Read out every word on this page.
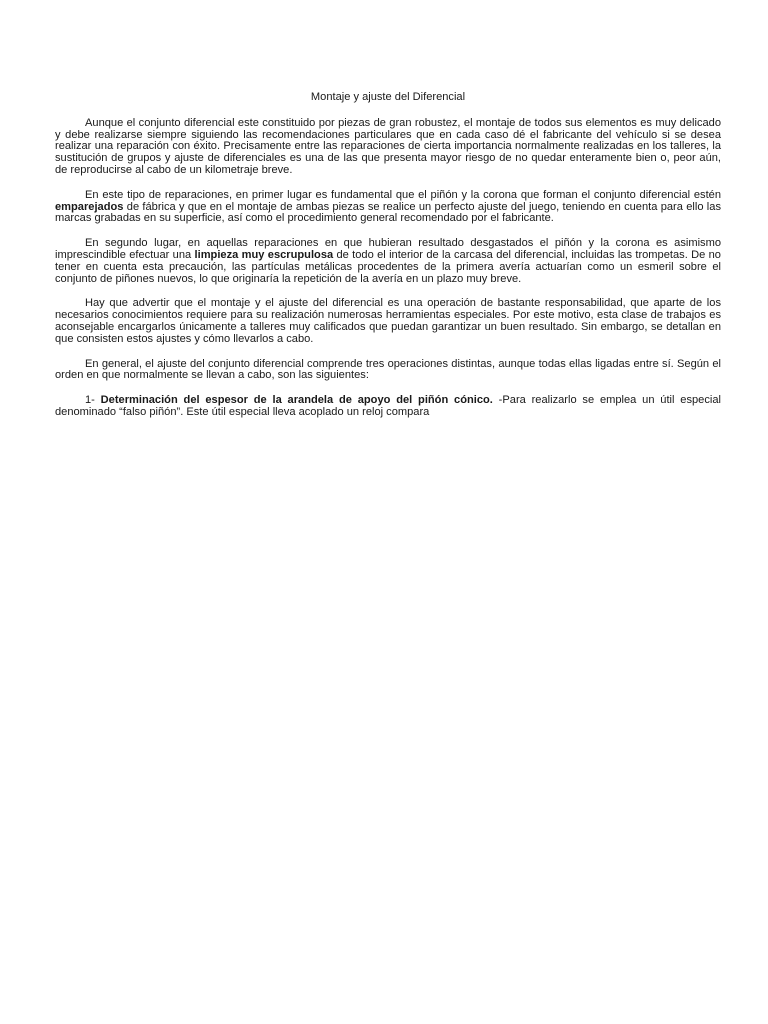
Montaje y ajuste del Diferencial

Aunque el conjunto diferencial este constituido por piezas de gran robustez, el montaje de todos sus elementos es muy delicado y debe realizarse siempre siguiendo las recomendaciones particulares que en cada caso dé el fabricante del vehículo si se desea realizar una reparación con éxito. Precisamente entre las reparaciones de cierta importancia normalmente realizadas en los talleres, la sustitución de grupos y ajuste de diferenciales es una de las que presenta mayor riesgo de no quedar enteramente bien o, peor aún, de reproducirse al cabo de un kilometraje breve.

En este tipo de reparaciones, en primer lugar es fundamental que el piñón y la corona que forman el conjunto diferencial estén emparejados de fábrica y que en el montaje de ambas piezas se realice un perfecto ajuste del juego, teniendo en cuenta para ello las marcas grabadas en su superficie, así como el procedimiento general recomendado por el fabricante.

En segundo lugar, en aquellas reparaciones en que hubieran resultado desgastados el piñón y la corona es asimismo imprescindible efectuar una limpieza muy escrupulosa de todo el interior de la carcasa del diferencial, incluidas las trompetas. De no tener en cuenta esta precaución, las partículas metálicas procedentes de la primera avería actuarían como un esmeril sobre el conjunto de piñones nuevos, lo que originaría la repetición de la avería en un plazo muy breve.

Hay que advertir que el montaje y el ajuste del diferencial es una operación de bastante responsabilidad, que aparte de los necesarios conocimientos requiere para su realización numerosas herramientas especiales. Por este motivo, esta clase de trabajos es aconsejable encargarlos únicamente a talleres muy calificados que puedan garantizar un buen resultado. Sin embargo, se detallan en que consisten estos ajustes y cómo llevarlos a cabo.

En general, el ajuste del conjunto diferencial comprende tres operaciones distintas, aunque todas ellas ligadas entre sí. Según el orden en que normalmente se llevan a cabo, son las siguientes:

1- Determinación del espesor de la arandela de apoyo del piñón cónico. -Para realizarlo se emplea un útil especial denominado “falso piñón”. Este útil especial lleva acoplado un reloj compara
